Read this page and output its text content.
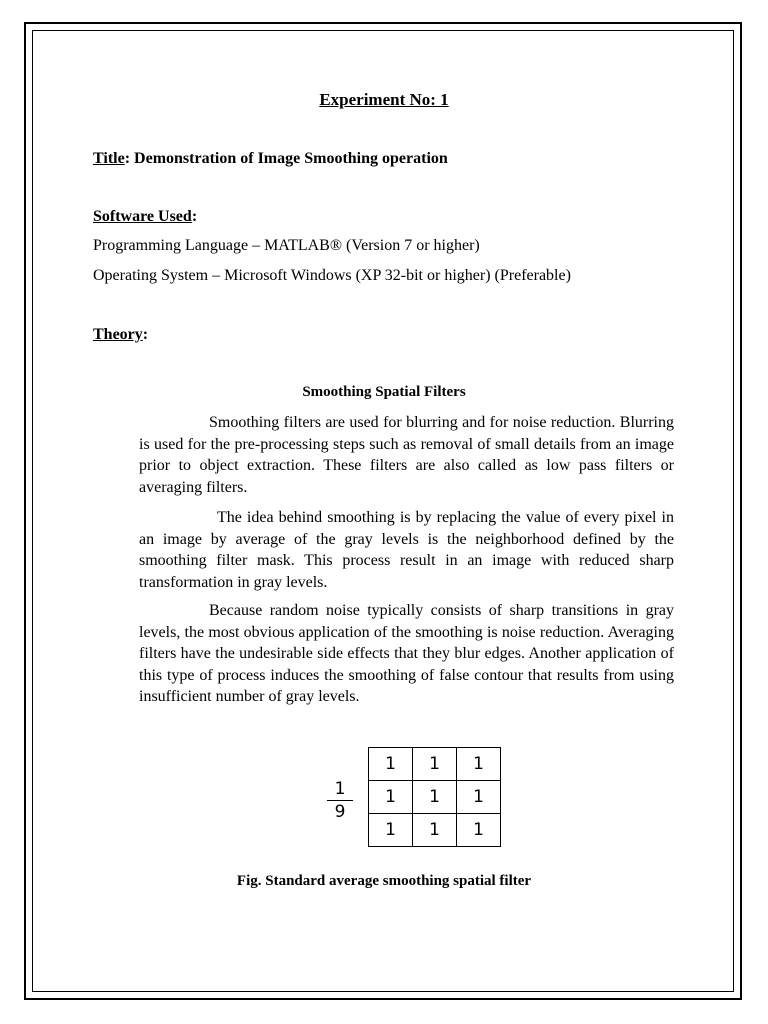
Experiment No: 1
Title: Demonstration of Image Smoothing operation
Software Used:
Programming Language – MATLAB® (Version 7 or higher)
Operating System – Microsoft Windows (XP 32-bit or higher) (Preferable)
Theory:
Smoothing Spatial Filters

Smoothing filters are used for blurring and for noise reduction. Blurring is used for the pre-processing steps such as removal of small details from an image prior to object extraction. These filters are also called as low pass filters or averaging filters.

The idea behind smoothing is by replacing the value of every pixel in an image by average of the gray levels is the neighborhood defined by the smoothing filter mask. This process result in an image with reduced sharp transformation in gray levels.

Because random noise typically consists of sharp transitions in gray levels, the most obvious application of the smoothing is noise reduction. Averaging filters have the undesirable side effects that they blur edges. Another application of this type of process induces the smoothing of false contour that results from using insufficient number of gray levels.

1
9
1	1	1
1	1	1
1	1	1
Fig. Standard average smoothing spatial filter
